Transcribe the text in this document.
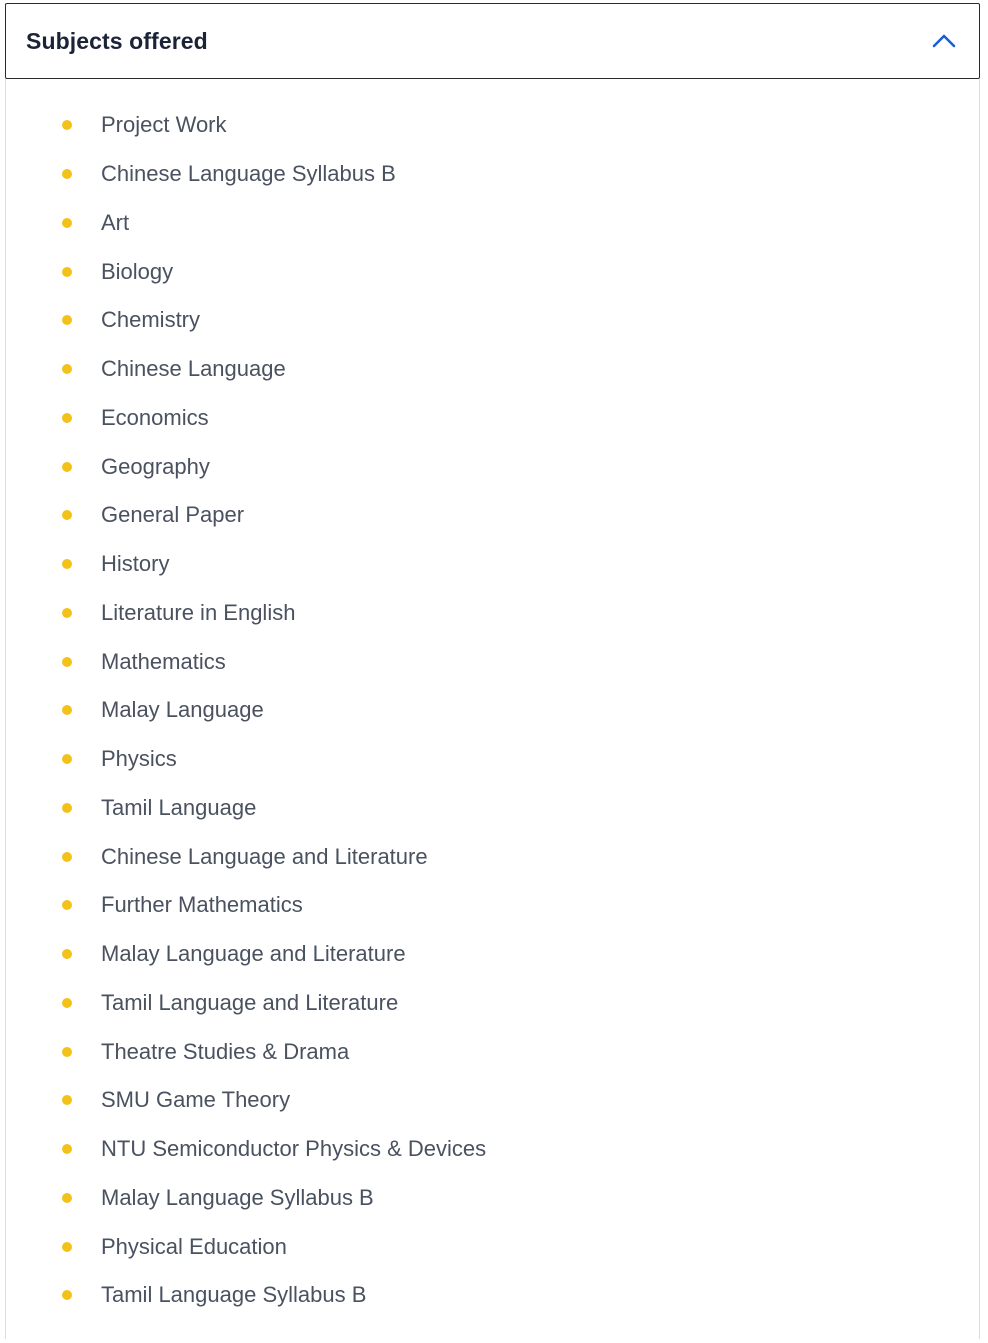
Subjects offered
Project Work
Chinese Language Syllabus B
Art
Biology
Chemistry
Chinese Language
Economics
Geography
General Paper
History
Literature in English
Mathematics
Malay Language
Physics
Tamil Language
Chinese Language and Literature
Further Mathematics
Malay Language and Literature
Tamil Language and Literature
Theatre Studies & Drama
SMU Game Theory
NTU Semiconductor Physics & Devices
Malay Language Syllabus B
Physical Education
Tamil Language Syllabus B
